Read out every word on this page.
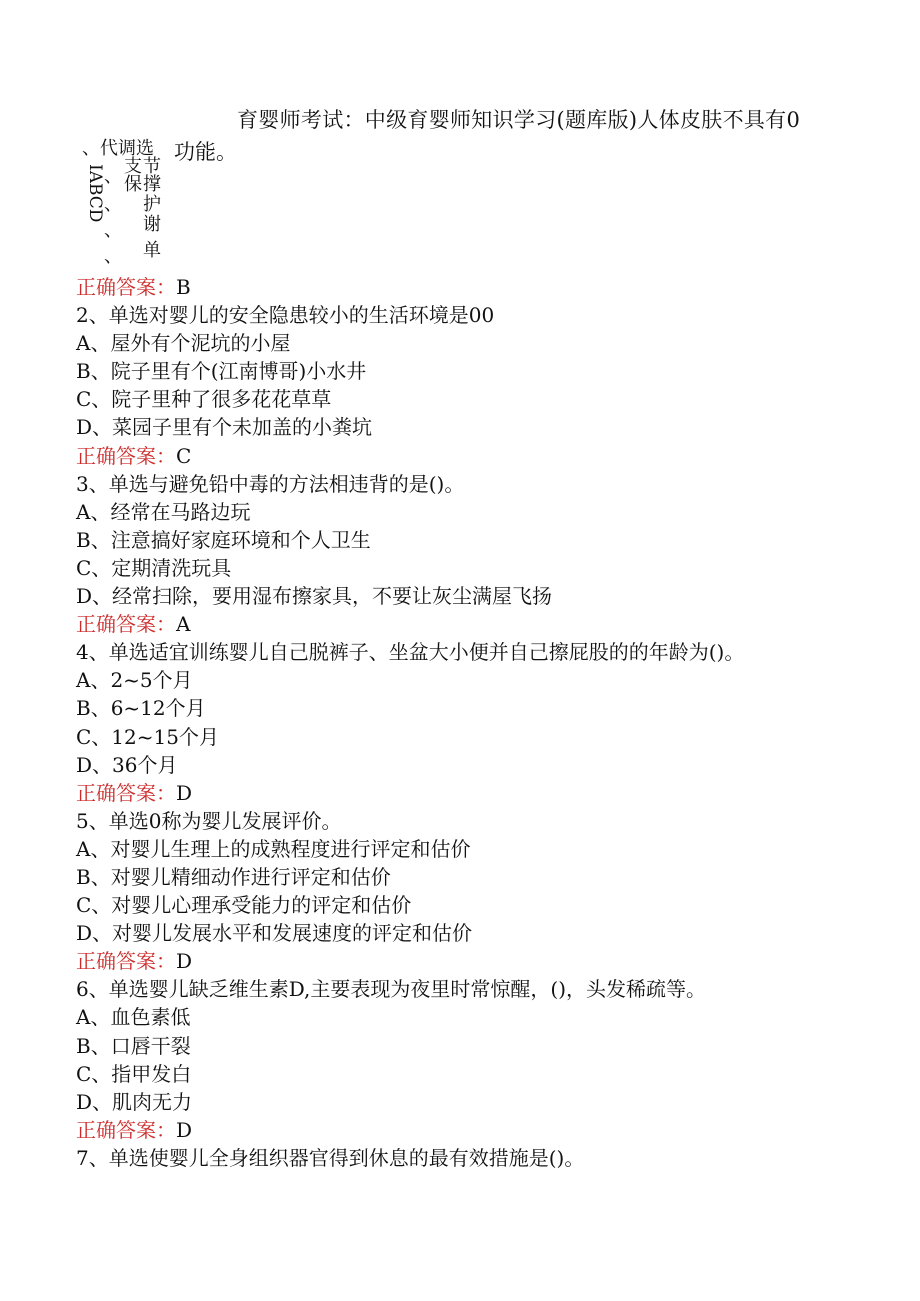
育婴师考试：中级育婴师知识学习(题库版)人体皮肤不具有0
功能。
、代调选
支
保
节
撑
护
谢
单
IABCD 、
、
、
、
正确答案：B
2、单选对婴儿的安全隐患较小的生活环境是00
A、屋外有个泥坑的小屋
B、院子里有个(江南博哥)小水井
C、院子里种了很多花花草草
D、菜园子里有个未加盖的小粪坑
正确答案：C
3、单选与避免铅中毒的方法相违背的是()。
A、经常在马路边玩
B、注意搞好家庭环境和个人卫生
C、定期清洗玩具
D、经常扫除，要用湿布擦家具，不要让灰尘满屋飞扬
正确答案：A
4、单选适宜训练婴儿自己脱裤子、坐盆大小便并自己擦屁股的的年龄为()。
A、2~5个月
B、6~12个月
C、12~15个月
D、36个月
正确答案：D
5、单选0称为婴儿发展评价。
A、对婴儿生理上的成熟程度进行评定和估价
B、对婴儿精细动作进行评定和估价
C、对婴儿心理承受能力的评定和估价
D、对婴儿发展水平和发展速度的评定和估价
正确答案：D
6、单选婴儿缺乏维生素D,主要表现为夜里时常惊醒，()，头发稀疏等。
A、血色素低
B、口唇干裂
C、指甲发白
D、肌肉无力
正确答案：D
7、单选使婴儿全身组织器官得到休息的最有效措施是()。
